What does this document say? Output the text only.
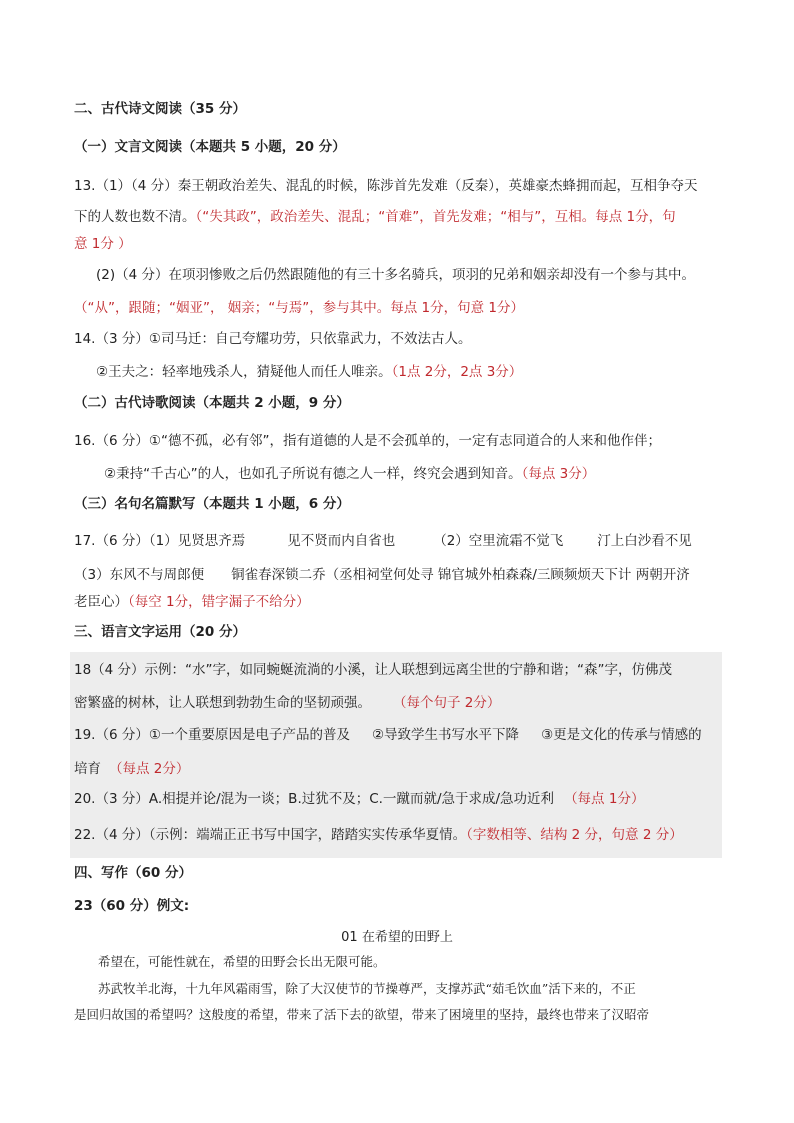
二、古代诗文阅读（35 分）
（一）文言文阅读（本题共 5 小题，20 分）
13.（1）（4 分）秦王朝政治差失、混乱的时候，陈涉首先发难（反秦），英雄豪杰蜂拥而起，互相争夺天
下的人数也数不清。（“失其政”，政治差失、混乱；“首难”，首先发难；“相与”，互相。每点 1分，句
意 1分 ）
(2)（4 分）在项羽惨败之后仍然跟随他的有三十多名骑兵，项羽的兄弟和姻亲却没有一个参与其中。
（“从”，跟随；“姻亚”， 姻亲；“与焉”，参与其中。每点 1分，句意 1分）
14.（3 分）①司马迁：自己夸耀功劳，只依靠武力，不效法古人。
②王夫之：轻率地残杀人，猜疑他人而任人唯亲。（1点 2分，2点 3分）
（二）古代诗歌阅读（本题共 2 小题，9 分）
16.（6 分）①“德不孤，必有邻”，指有道德的人是不会孤单的，一定有志同道合的人来和他作伴；
②秉持“千古心”的人，也如孔子所说有德之人一样，终究会遇到知音。（每点 3分）
（三）名句名篇默写（本题共 1 小题，6 分）
17.（6 分）（1）见贤思齐焉	见不贤而内自省也	（2）空里流霜不觉飞	汀上白沙看不见
（3）东风不与周郎便　　铜雀春深锁二乔（丞相祠堂何处寻 锦官城外柏森森/三顾频烦天下计 两朝开济
老臣心）（每空 1分，错字漏子不给分）
三、语言文字运用（20 分）
18（4 分）示例：“水”字，如同蜿蜒流淌的小溪，让人联想到远离尘世的宁静和谐；“森”字，仿佛茂
密繁盛的树林，让人联想到勃勃生命的坚韧顽强。 （每个句子 2分）
19.（6 分）①一个重要原因是电子产品的普及 ②导致学生书写水平下降 ③更是文化的传承与情感的
培育 （每点 2分）
20.（3 分）A.相提并论/混为一谈；B.过犹不及；C.一蹴而就/急于求成/急功近利 （每点 1分）
22.（4 分）（示例：端端正正书写中国字，踏踏实实传承华夏情。（字数相等、结构 2 分，句意 2 分）
四、写作（60 分）
23（60 分）例文:
01 在希望的田野上
希望在，可能性就在，希望的田野会长出无限可能。
苏武牧羊北海，十九年风霜雨雪，除了大汉使节的节操尊严，支撑苏武“茹毛饮血”活下来的，不正
是回归故国的希望吗？这般度的希望，带来了活下去的欲望，带来了困境里的坚持，最终也带来了汉昭帝
